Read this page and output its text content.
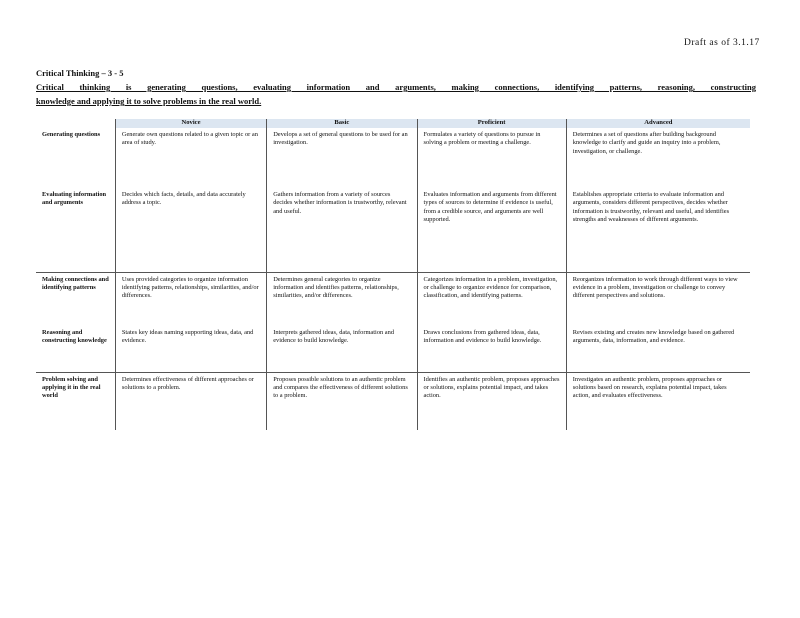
Draft as of 3.1.17
Critical Thinking – 3 - 5
Critical thinking is generating questions, evaluating information and arguments, making connections, identifying patterns, reasoning, constructing
knowledge and applying it to solve problems in the real world.
	Novice	Basic	Proficient	Advanced
Generating questions	Generate own questions related to a given topic or an area of study.	Develops a set of general questions to be used for an investigation.	Formulates a variety of questions to pursue in solving a problem or meeting a challenge.	Determines a set of questions after building background knowledge to clarify and guide an inquiry into a problem, investigation, or challenge.
Evaluating information and arguments	Decides which facts, details, and data accurately address a topic.	Gathers information from a variety of sources decides whether information is trustworthy, relevant and useful.	Evaluates information and arguments from different types of sources to determine if evidence is useful, from a credible source, and arguments are well supported.	Establishes appropriate criteria to evaluate information and arguments, considers different perspectives, decides whether information is trustworthy, relevant and useful, and identifies strengths and weaknesses of different arguments.
Making connections and identifying patterns	Uses provided categories to organize information identifying patterns, relationships, similarities, and/or differences.	Determines general categories to organize information and identifies patterns, relationships, similarities, and/or differences.	Categorizes information in a problem, investigation, or challenge to organize evidence for comparison, classification, and identifying patterns.	Reorganizes information to work through different ways to view evidence in a problem, investigation or challenge to convey different perspectives and solutions.
Reasoning and constructing knowledge	States key ideas naming supporting ideas, data, and evidence.	Interprets gathered ideas, data, information and evidence to build knowledge.	Draws conclusions from gathered ideas, data, information and evidence to build knowledge.	Revises existing and creates new knowledge based on gathered arguments, data, information, and evidence.
Problem solving and applying it in the real world	Determines effectiveness of different approaches or solutions to a problem.	Proposes possible solutions to an authentic problem and compares the effectiveness of different solutions to a problem.	Identifies an authentic problem, proposes approaches or solutions, explains potential impact, and takes action.	Investigates an authentic problem, proposes approaches or solutions based on research, explains potential impact, takes action, and evaluates effectiveness.
